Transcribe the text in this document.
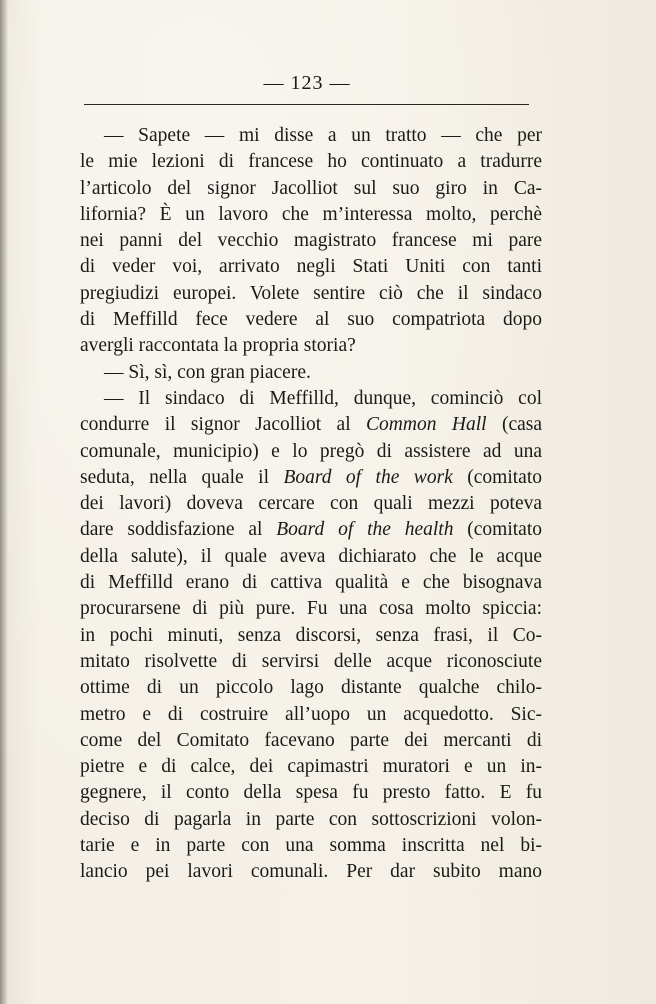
— 123 —
— Sapete — mi disse a un tratto — che per
le mie lezioni di francese ho continuato a tradurre
l’articolo del signor Jacolliot sul suo giro in Ca-
lifornia? È un lavoro che m’interessa molto, perchè
nei panni del vecchio magistrato francese mi pare
di veder voi, arrivato negli Stati Uniti con tanti
pregiudizi europei. Volete sentire ciò che il sindaco
di Meffilld fece vedere al suo compatriota dopo
avergli raccontata la propria storia?
— Sì, sì, con gran piacere.
— Il sindaco di Meffilld, dunque, cominciò col
condurre il signor Jacolliot al Common Hall (casa
comunale, municipio) e lo pregò di assistere ad una
seduta, nella quale il Board of the work (comitato
dei lavori) doveva cercare con quali mezzi poteva
dare soddisfazione al Board of the health (comitato
della salute), il quale aveva dichiarato che le acque
di Meffilld erano di cattiva qualità e che bisognava
procurarsene di più pure. Fu una cosa molto spiccia:
in pochi minuti, senza discorsi, senza frasi, il Co-
mitato risolvette di servirsi delle acque riconosciute
ottime di un piccolo lago distante qualche chilo-
metro e di costruire all’uopo un acquedotto. Sic-
come del Comitato facevano parte dei mercanti di
pietre e di calce, dei capimastri muratori e un in-
gegnere, il conto della spesa fu presto fatto. E fu
deciso di pagarla in parte con sottoscrizioni volon-
tarie e in parte con una somma inscritta nel bi-
lancio pei lavori comunali. Per dar subito mano
